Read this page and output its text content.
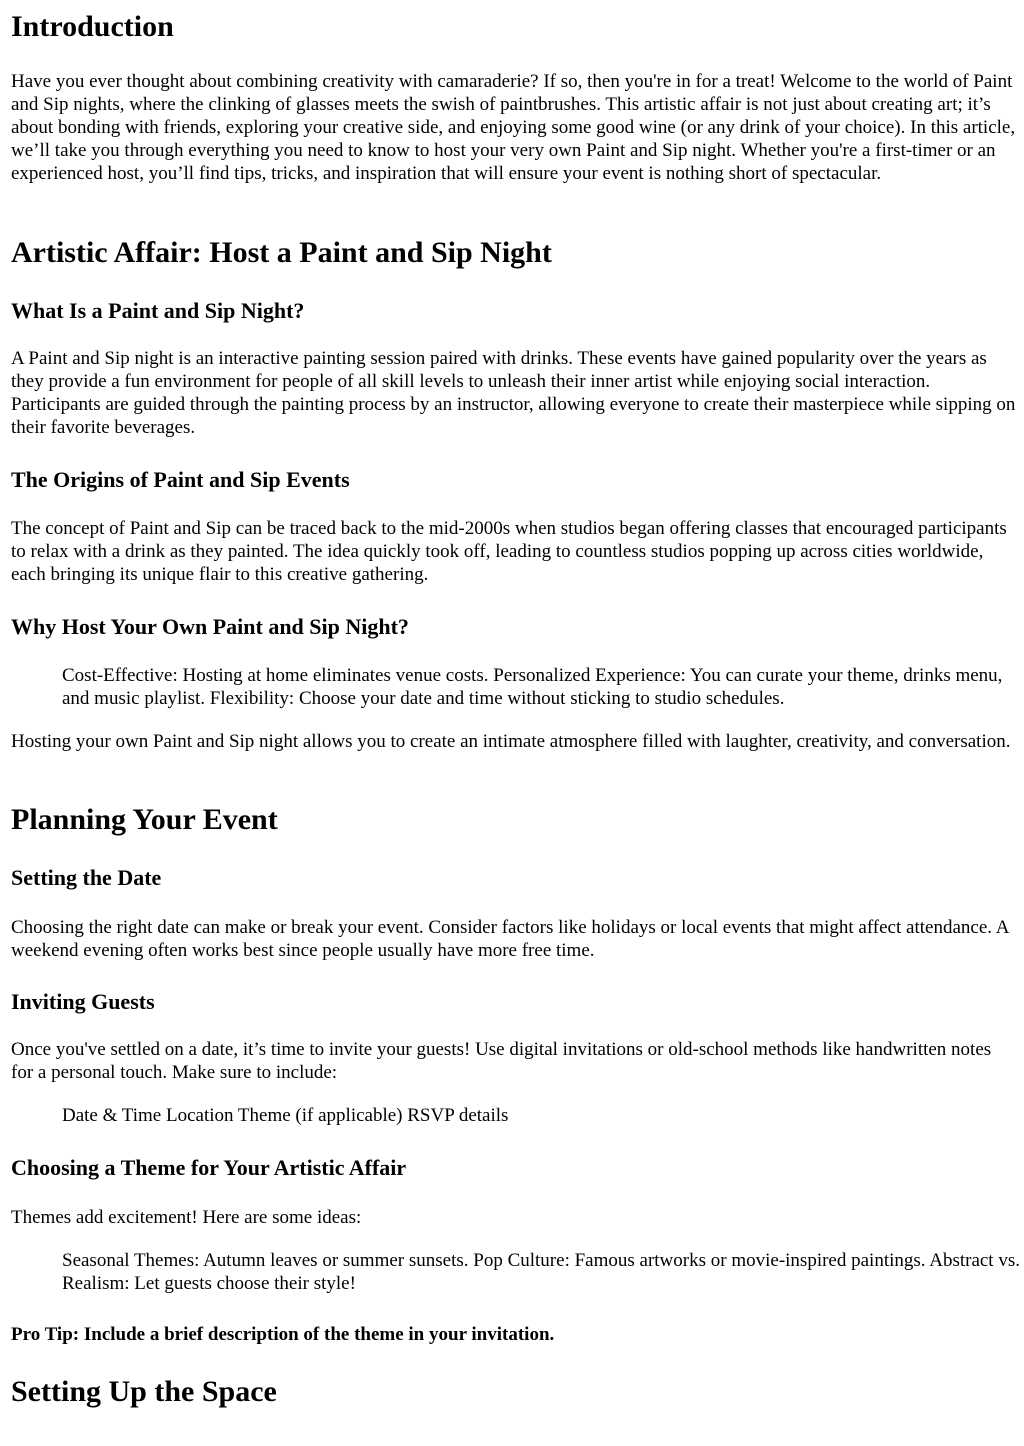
Introduction

Have you ever thought about combining creativity with camaraderie? If so, then you're in for a treat! Welcome to the world of Paint and Sip nights, where the clinking of glasses meets the swish of paintbrushes. This artistic affair is not just about creating art; it’s about bonding with friends, exploring your creative side, and enjoying some good wine (or any drink of your choice). In this article, we’ll take you through everything you need to know to host your very own Paint and Sip night. Whether you're a first-timer or an experienced host, you’ll find tips, tricks, and inspiration that will ensure your event is nothing short of spectacular.

Artistic Affair: Host a Paint and Sip Night
What Is a Paint and Sip Night?

A Paint and Sip night is an interactive painting session paired with drinks. These events have gained popularity over the years as they provide a fun environment for people of all skill levels to unleash their inner artist while enjoying social interaction. Participants are guided through the painting process by an instructor, allowing everyone to create their masterpiece while sipping on their favorite beverages.

The Origins of Paint and Sip Events

The concept of Paint and Sip can be traced back to the mid-2000s when studios began offering classes that encouraged participants to relax with a drink as they painted. The idea quickly took off, leading to countless studios popping up across cities worldwide, each bringing its unique flair to this creative gathering.

Why Host Your Own Paint and Sip Night?

Cost-Effective: Hosting at home eliminates venue costs. Personalized Experience: You can curate your theme, drinks menu, and music playlist. Flexibility: Choose your date and time without sticking to studio schedules.

Hosting your own Paint and Sip night allows you to create an intimate atmosphere filled with laughter, creativity, and conversation.

Planning Your Event
Setting the Date

Choosing the right date can make or break your event. Consider factors like holidays or local events that might affect attendance. A weekend evening often works best since people usually have more free time.

Inviting Guests

Once you've settled on a date, it’s time to invite your guests! Use digital invitations or old-school methods like handwritten notes for a personal touch. Make sure to include:

Date & Time Location Theme (if applicable) RSVP details

Choosing a Theme for Your Artistic Affair

Themes add excitement! Here are some ideas:

Seasonal Themes: Autumn leaves or summer sunsets. Pop Culture: Famous artworks or movie-inspired paintings. Abstract vs. Realism: Let guests choose their style!

Pro Tip: Include a brief description of the theme in your invitation.

Setting Up the Space
